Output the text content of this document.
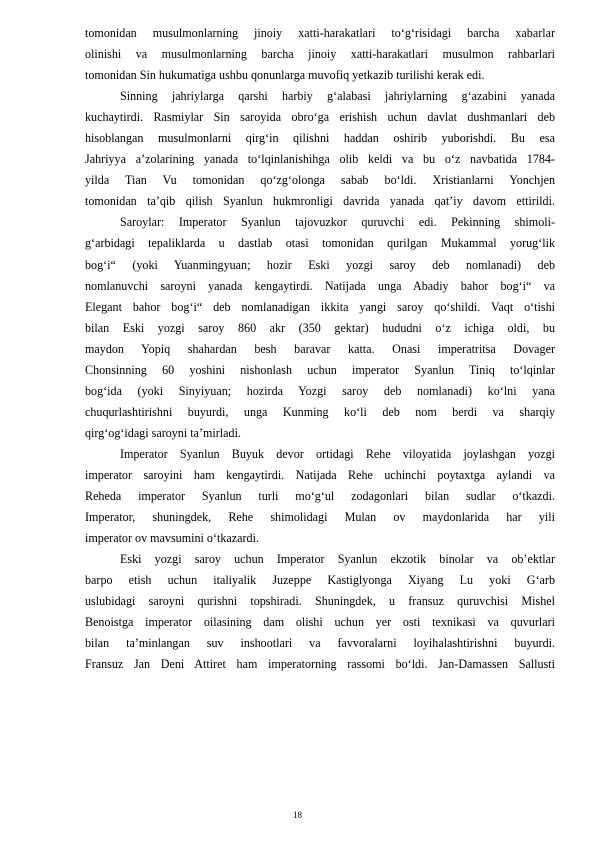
tomonidan musulmonlarning jinoiy xatti-harakatlari toʻgʻrisidagi barcha xabarlar
olinishi va musulmonlarning barcha jinoiy xatti-harakatlari musulmon rahbarlari
tomonidan Sin hukumatiga ushbu qonunlarga muvofiq yetkazib turilishi kerak edi.
Sinning jahriylarga qarshi harbiy gʻalabasi jahriylarning gʻazabini yanada
kuchaytirdi. Rasmiylar Sin saroyida obroʻga erishish uchun davlat dushmanlari deb
hisoblangan musulmonlarni qirgʻin qilishni haddan oshirib yuborishdi. Bu esa
Jahriyya aʼzolarining yanada toʻlqinlanishihga olib keldi va bu oʻz navbatida 1784-
yilda Tian Vu tomonidan qoʻzgʻolonga sabab boʻldi. Xristianlarni Yonchjen
tomonidan taʼqib qilish Syanlun hukmronligi davrida yanada qatʼiy davom ettirildi.
Saroylar: Imperator Syanlun tajovuzkor quruvchi edi. Pekinning shimoli-
gʻarbidagi tepaliklarda u dastlab otasi tomonidan qurilgan Mukammal yorugʻlik
bogʻi“ (yoki Yuanmingyuan; hozir Eski yozgi saroy deb nomlanadi) deb
nomlanuvchi saroyni yanada kengaytirdi. Natijada unga Abadiy bahor bogʻi“ va
Elegant bahor bogʻi“ deb nomlanadigan ikkita yangi saroy qoʻshildi. Vaqt oʻtishi
bilan Eski yozgi saroy 860 akr (350 gektar) hududni oʻz ichiga oldi, bu
maydon Yopiq shahardan besh baravar katta. Onasi imperatritsa Dovager
Chonsinning 60 yoshini nishonlash uchun imperator Syanlun Tiniq toʻlqinlar
bogʻida (yoki Sinyiyuan; hozirda Yozgi saroy deb nomlanadi) koʻlni yana
chuqurlashtirishni buyurdi, unga Kunming koʻli deb nom berdi va sharqiy
qirgʻogʻidagi saroyni taʼmirladi.
Imperator Syanlun Buyuk devor ortidagi Rehe viloyatida joylashgan yozgi
imperator saroyini ham kengaytirdi. Natijada Rehe uchinchi poytaxtga aylandi va
Reheda imperator Syanlun turli moʻgʻul zodagonlari bilan sudlar oʻtkazdi.
Imperator, shuningdek, Rehe shimolidagi Mulan ov maydonlarida har yili
imperator ov mavsumini oʻtkazardi.
Eski yozgi saroy uchun Imperator Syanlun ekzotik binolar va obʼektlar
barpo etish uchun italiyalik Juzeppe Kastiglyonga Xiyang Lu yoki Gʻarb
uslubidagi saroyni qurishni topshiradi. Shuningdek, u fransuz quruvchisi Mishel
Benoistga imperator oilasining dam olishi uchun yer osti texnikasi va quvurlari
bilan taʼminlangan suv inshootlari va favvoralarni loyihalashtirishni buyurdi.
Fransuz Jan Deni Attiret ham imperatorning rassomi boʻldi. Jan-Damassen Sallusti
18
